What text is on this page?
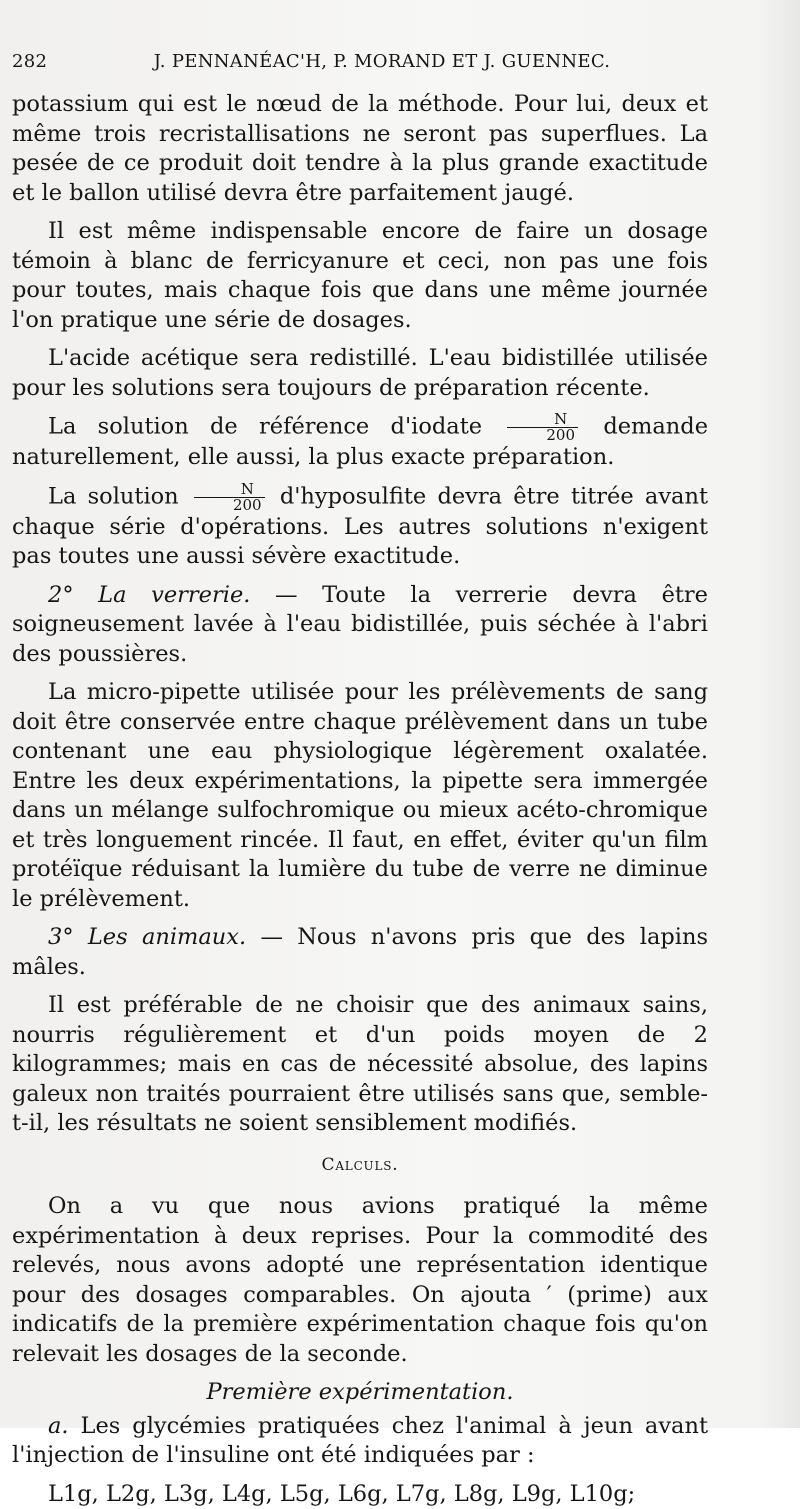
282	J. PENNANÉAC'H, P. MORAND ET J. GUENNEC.

potassium qui est le nœud de la méthode. Pour lui, deux et même trois recristallisations ne seront pas superflues. La pesée de ce produit doit tendre à la plus grande exactitude et le ballon utilisé devra être parfaitement jaugé.

Il est même indispensable encore de faire un dosage témoin à blanc de ferricyanure et ceci, non pas une fois pour toutes, mais chaque fois que dans une même journée l'on pratique une série de dosages.

L'acide acétique sera redistillé. L'eau bidistillée utilisée pour les solutions sera toujours de préparation récente.

La solution de référence d'iodate $\frac{N}{200}$ demande naturellement, elle aussi, la plus exacte préparation.

La solution $\frac{N}{200}$ d'hyposulfite devra être titrée avant chaque série d'opérations. Les autres solutions n'exigent pas toutes une aussi sévère exactitude.

2° La verrerie. — Toute la verrerie devra être soigneusement lavée à l'eau bidistillée, puis séchée à l'abri des poussières.

La micro-pipette utilisée pour les prélèvements de sang doit être conservée entre chaque prélèvement dans un tube contenant une eau physiologique légèrement oxalatée. Entre les deux expérimentations, la pipette sera immergée dans un mélange sulfochromique ou mieux acéto-chromique et très longuement rincée. Il faut, en effet, éviter qu'un film protéïque réduisant la lumière du tube de verre ne diminue le prélèvement.

3° Les animaux. — Nous n'avons pris que des lapins mâles.

Il est préférable de ne choisir que des animaux sains, nourris régulièrement et d'un poids moyen de 2 kilogrammes; mais en cas de nécessité absolue, des lapins galeux non traités pourraient être utilisés sans que, semble-t-il, les résultats ne soient sensiblement modifiés.

Calculs.

On a vu que nous avions pratiqué la même expérimentation à deux reprises. Pour la commodité des relevés, nous avons adopté une représentation identique pour des dosages comparables. On ajouta ′ (prime) aux indicatifs de la première expérimentation chaque fois qu'on relevait les dosages de la seconde.

Première expérimentation.

a. Les glycémies pratiquées chez l'animal à jeun avant l'injection de l'insuline ont été indiquées par :

L1g, L2g, L3g, L4g, L5g, L6g, L7g, L8g, L9g, L10g;
